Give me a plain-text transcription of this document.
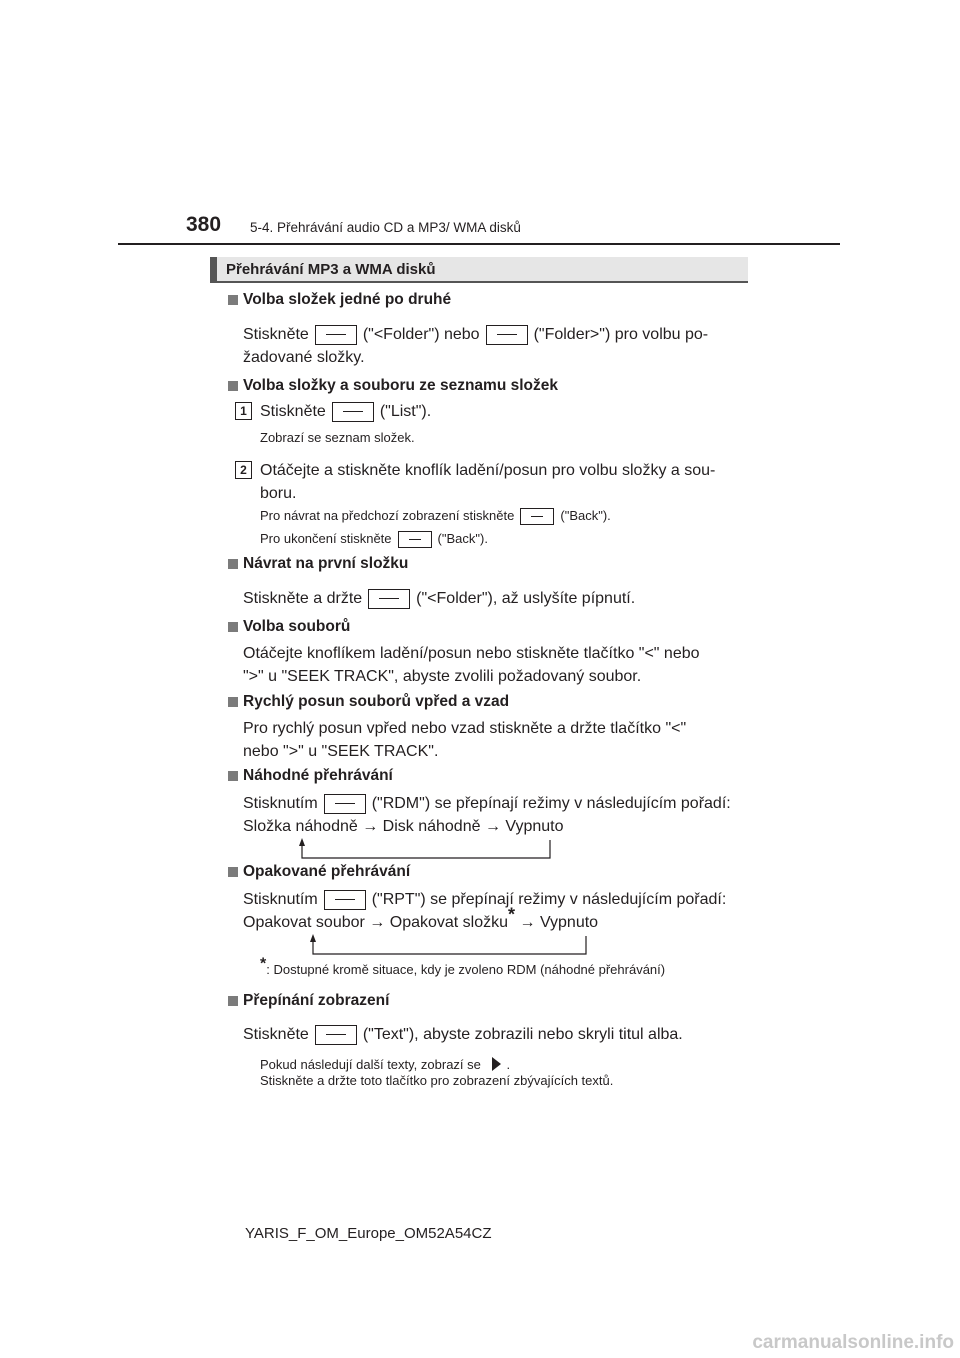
380 5-4. Přehrávání audio CD a MP3/ WMA disků
Přehrávání MP3 a WMA disků
Volba složek jedné po druhé
Stiskněte	("<Folder") nebo	("Folder>") pro volbu po-
žadované složky.
Volba složky a souboru ze seznamu složek
1 Stiskněte	("List").
Zobrazí se seznam složek.
2 Otáčejte a stiskněte knoflík ladění/posun pro volbu složky a sou-
boru.
Pro návrat na předchozí zobrazení stiskněte	("Back").
Pro ukončení stiskněte	("Back").
Návrat na první složku
Stiskněte a držte	("<Folder"), až uslyšíte pípnutí.
Volba souborů
Otáčejte knoflíkem ladění/posun nebo stiskněte tlačítko "<" nebo
">" u "SEEK TRACK", abyste zvolili požadovaný soubor.
Rychlý posun souborů vpřed a vzad
Pro rychlý posun vpřed nebo vzad stiskněte a držte tlačítko "<"
nebo ">" u "SEEK TRACK".
Náhodné přehrávání
Stisknutím	("RDM") se přepínají režimy v následujícím pořadí:
Složka náhodně → Disk náhodně → Vypnuto
Opakované přehrávání
Stisknutím	("RPT") se přepínají režimy v následujícím pořadí:
Opakovat soubor → Opakovat složku* → Vypnuto
*: Dostupné kromě situace, kdy je zvoleno RDM (náhodné přehrávání)
Přepínání zobrazení
Stiskněte	("Text"), abyste zobrazili nebo skryli titul alba.
Pokud následují další texty, zobrazí se .
Stiskněte a držte toto tlačítko pro zobrazení zbývajících textů.
YARIS_F_OM_Europe_OM52A54CZ
carmanualsonline.info
